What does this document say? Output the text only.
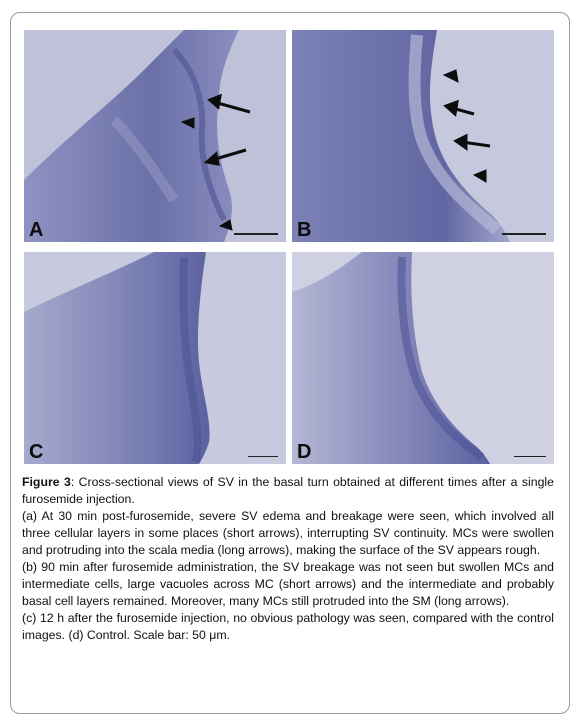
A	B
C	D

Figure 3: Cross-sectional views of SV in the basal turn obtained at different times after a single furosemide injection.

(a) At 30 min post-furosemide, severe SV edema and breakage were seen, which involved all three cellular layers in some places (short arrows), interrupting SV continuity. MCs were swollen and protruding into the scala media (long arrows), making the surface of the SV appears rough.

(b) 90 min after furosemide administration, the SV breakage was not seen but swollen MCs and intermediate cells, large vacuoles across MC (short arrows) and the intermediate and probably basal cell layers remained. Moreover, many MCs still protruded into the SM (long arrows).

(c) 12 h after the furosemide injection, no obvious pathology was seen, compared with the control images. (d) Control. Scale bar: 50 μm.
